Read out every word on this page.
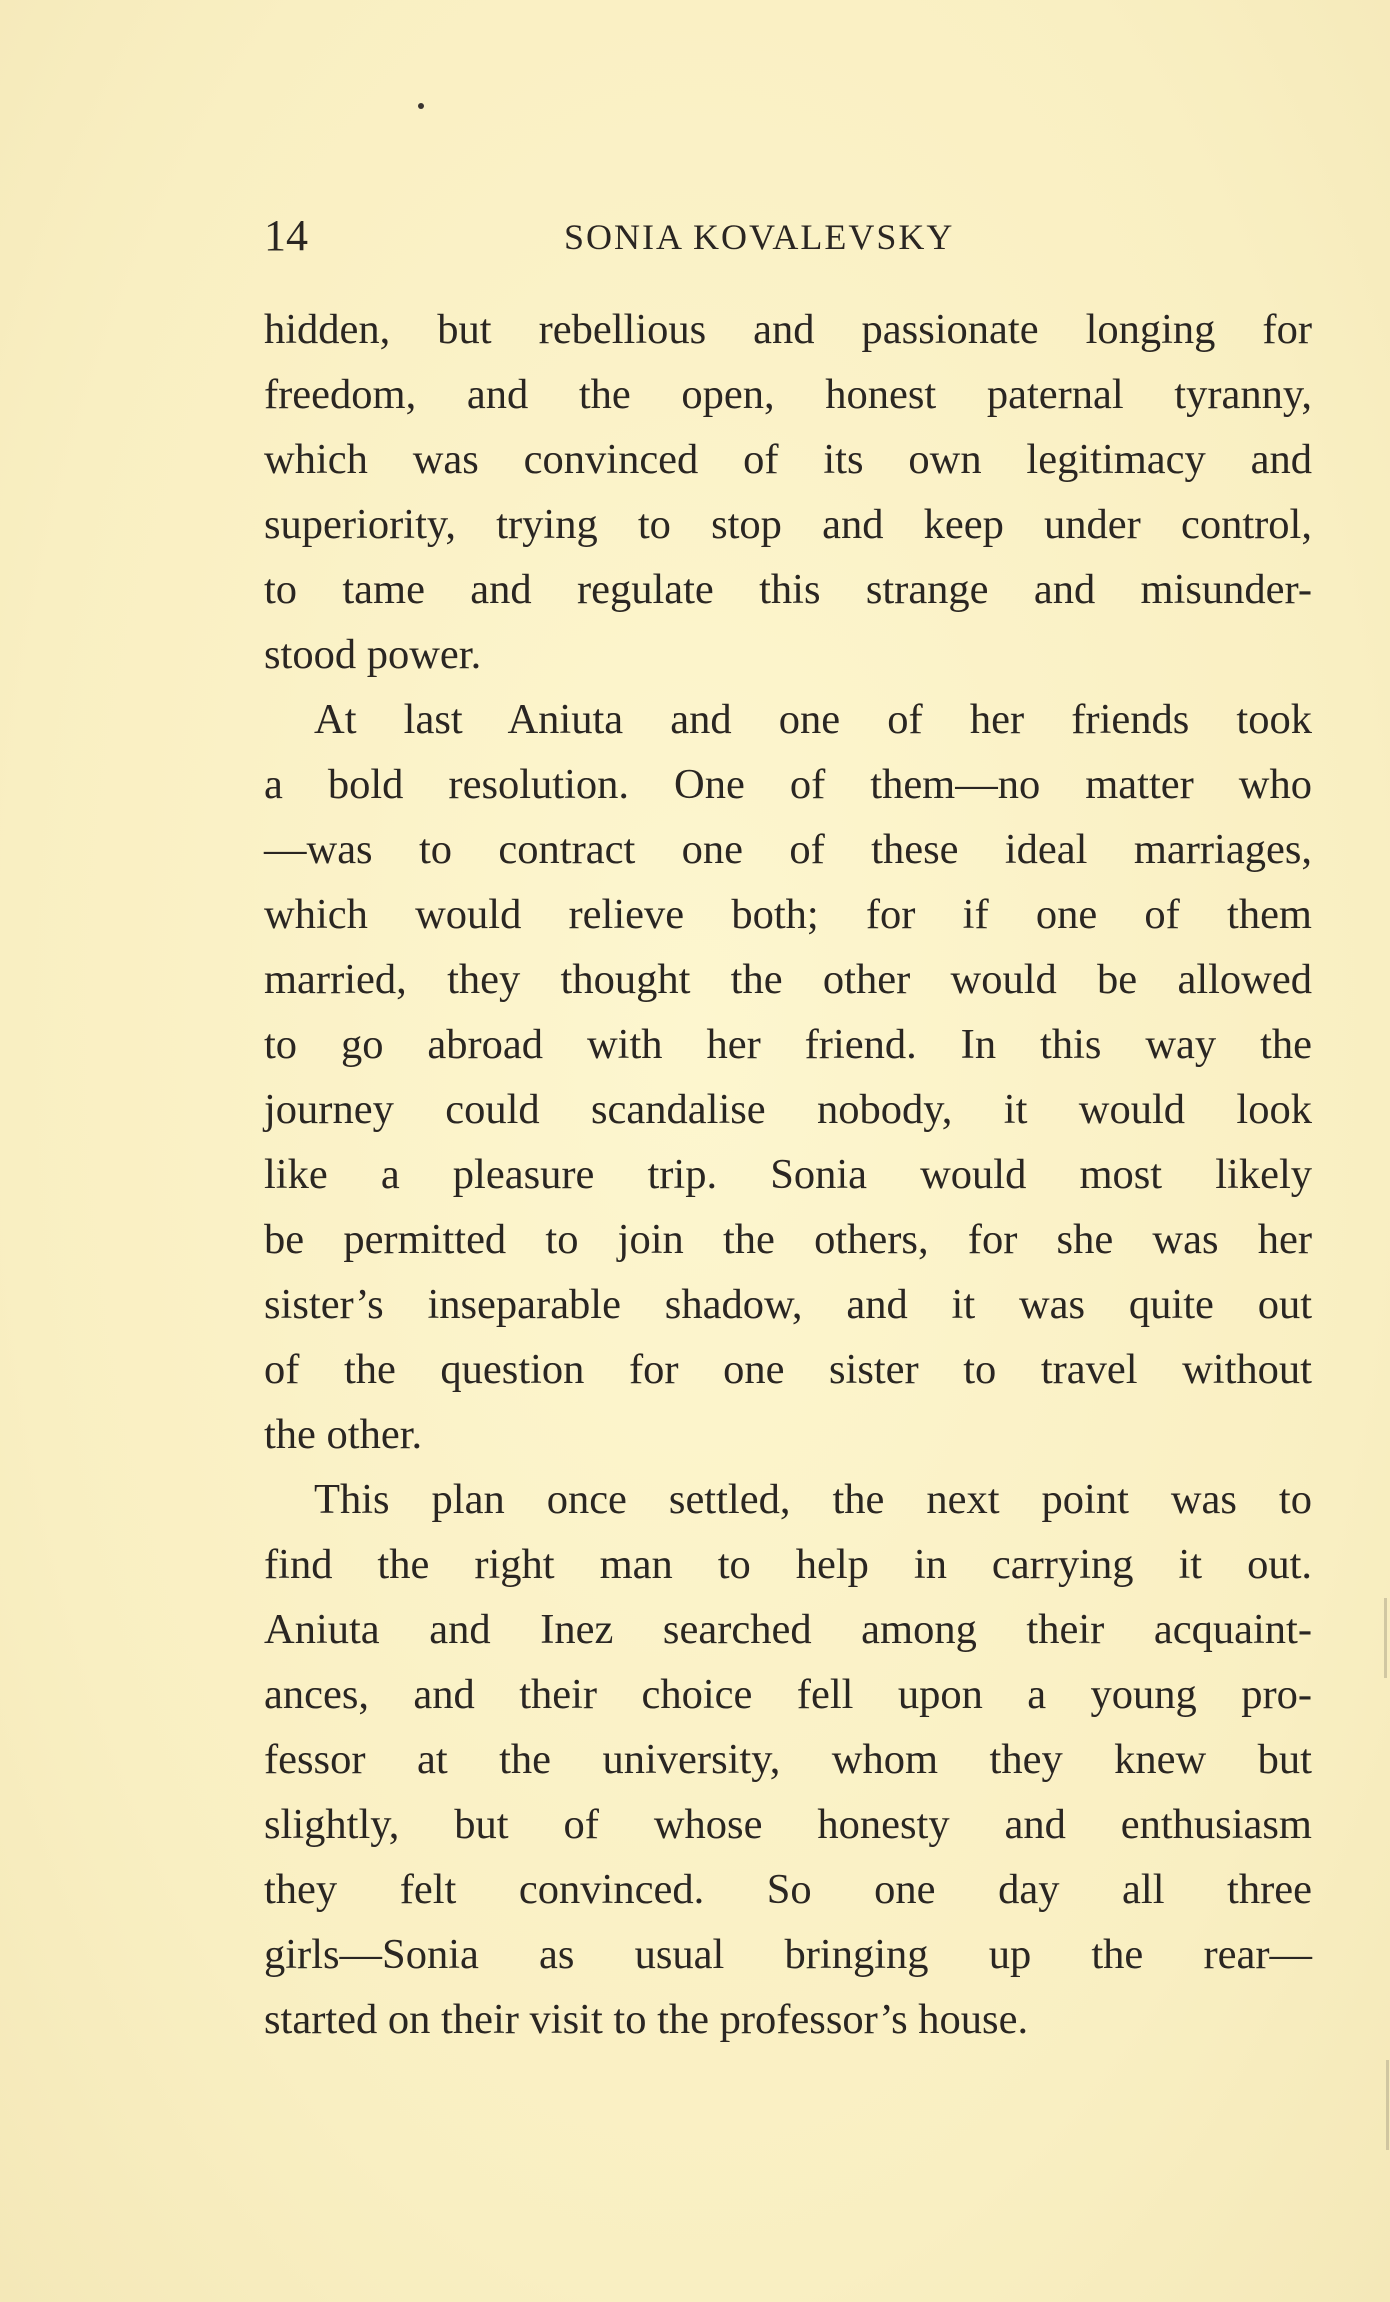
14	SONIA KOVALEVSKY
hidden, but rebellious and passionate longing for
freedom, and the open, honest paternal tyranny,
which was convinced of its own legitimacy and
superiority, trying to stop and keep under control,
to tame and regulate this strange and misunder-
stood power.
At last Aniuta and one of her friends took
a bold resolution. One of them—no matter who
—was to contract one of these ideal marriages,
which would relieve both; for if one of them
married, they thought the other would be allowed
to go abroad with her friend. In this way the
journey could scandalise nobody, it would look
like a pleasure trip. Sonia would most likely
be permitted to join the others, for she was her
sister’s inseparable shadow, and it was quite out
of the question for one sister to travel without
the other.
This plan once settled, the next point was to
find the right man to help in carrying it out.
Aniuta and Inez searched among their acquaint-
ances, and their choice fell upon a young pro-
fessor at the university, whom they knew but
slightly, but of whose honesty and enthusiasm
they felt convinced. So one day all three
girls—Sonia as usual bringing up the rear—
started on their visit to the professor’s house.
